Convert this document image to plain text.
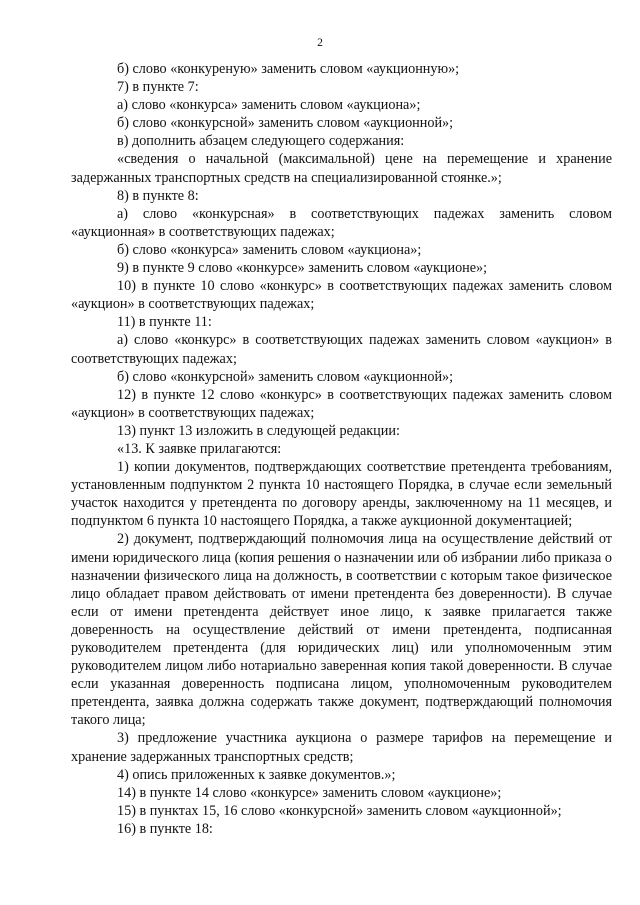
2

б) слово «конкуреную» заменить словом «аукционную»;

7) в пункте 7:

а) слово «конкурса» заменить словом «аукциона»;

б) слово «конкурсной» заменить словом «аукционной»;

в) дополнить абзацем следующего содержания:

«сведения о начальной (максимальной) цене на перемещение и хранение задержанных транспортных средств на специализированной стоянке.»;

8) в пункте 8:

а) слово «конкурсная» в соответствующих падежах заменить словом «аукционная» в соответствующих падежах;

б) слово «конкурса» заменить словом «аукциона»;

9) в пункте 9 слово «конкурсе» заменить словом «аукционе»;

10) в пункте 10 слово «конкурс» в соответствующих падежах заменить словом «аукцион» в соответствующих падежах;

11) в пункте 11:

а) слово «конкурс» в соответствующих падежах заменить словом «аукцион» в соответствующих падежах;

б) слово «конкурсной» заменить словом «аукционной»;

12) в пункте 12 слово «конкурс» в соответствующих падежах заменить словом «аукцион» в соответствующих падежах;

13) пункт 13 изложить в следующей редакции:

«13. К заявке прилагаются:

1) копии документов, подтверждающих соответствие претендента требованиям, установленным подпунктом 2 пункта 10 настоящего Порядка, в случае если земельный участок находится у претендента по договору аренды, заключенному на 11 месяцев, и подпунктом 6 пункта 10 настоящего Порядка, а также аукционной документацией;

2) документ, подтверждающий полномочия лица на осуществление действий от имени юридического лица (копия решения о назначении или об избрании либо приказа о назначении физического лица на должность, в соответствии с которым такое физическое лицо обладает правом действовать от имени претендента без доверенности). В случае если от имени претендента действует иное лицо, к заявке прилагается также доверенность на осуществление действий от имени претендента, подписанная руководителем претендента (для юридических лиц) или уполномоченным этим руководителем лицом либо нотариально заверенная копия такой доверенности. В случае если указанная доверенность подписана лицом, уполномоченным руководителем претендента, заявка должна содержать также документ, подтверждающий полномочия такого лица;

3) предложение участника аукциона о размере тарифов на перемещение и хранение задержанных транспортных средств;

4) опись приложенных к заявке документов.»;

14) в пункте 14 слово «конкурсе» заменить словом «аукционе»;

15) в пунктах 15, 16 слово «конкурсной» заменить словом «аукционной»;

16) в пункте 18:
